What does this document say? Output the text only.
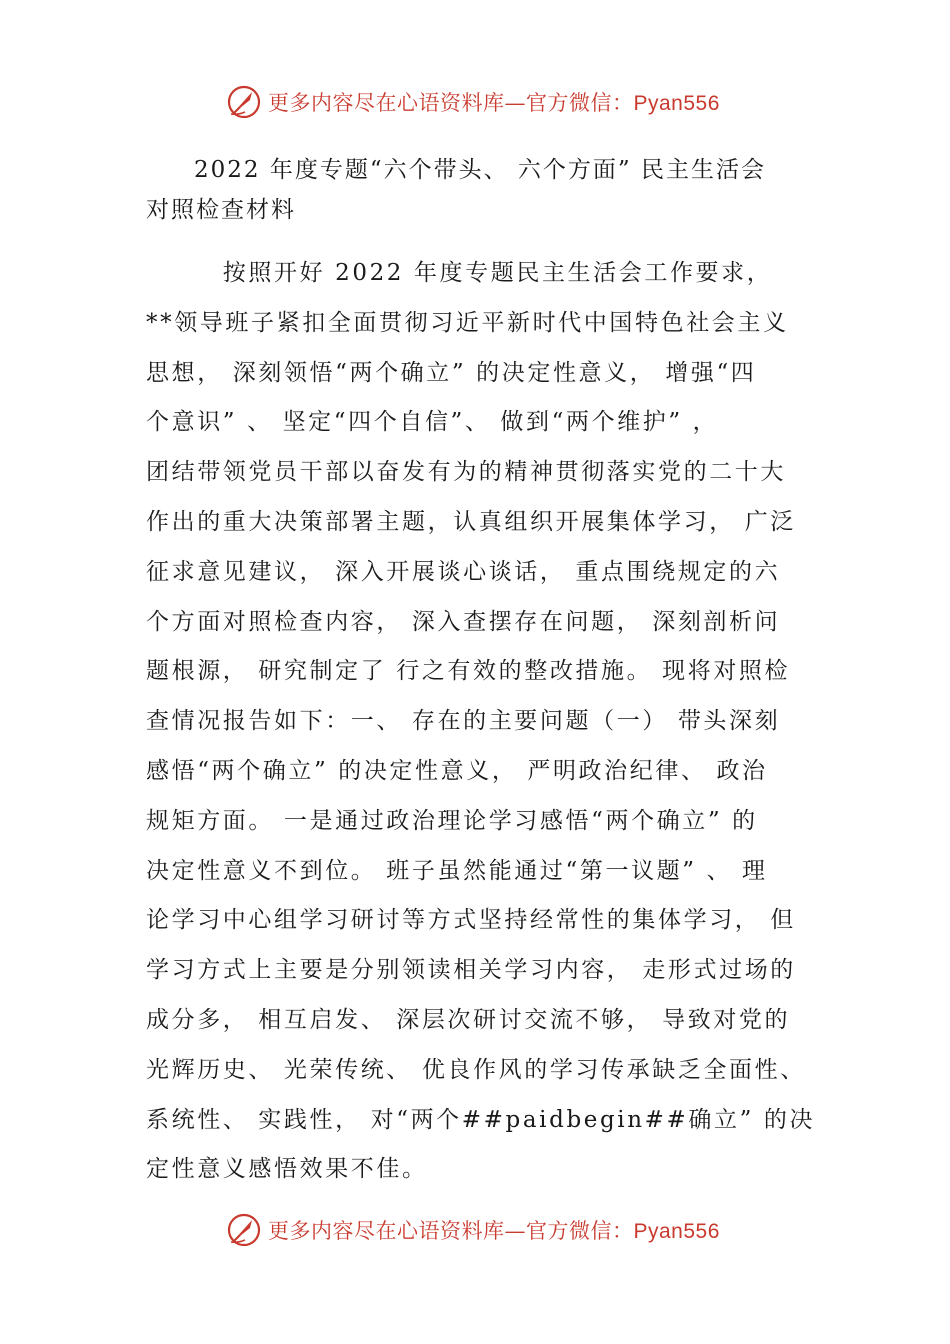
更多内容尽在心语资料库—官方微信：Pyan556
2022 年度专题“六个带头、 六个方面” 民主生活会
对照检查材料
　　　按照开好 2022 年度专题民主生活会工作要求，
**领导班子紧扣全面贯彻习近平新时代中国特色社会主义
思想， 深刻领悟“两个确立” 的决定性意义， 增强“四
个意识” 、 坚定“四个自信”、 做到“两个维护” ，
团结带领党员干部以奋发有为的精神贯彻落实党的二十大
作出的重大决策部署主题，认真组织开展集体学习， 广泛
征求意见建议， 深入开展谈心谈话， 重点围绕规定的六
个方面对照检查内容， 深入查摆存在问题， 深刻剖析问
题根源， 研究制定了 行之有效的整改措施。 现将对照检
查情况报告如下：一、 存在的主要问题（一） 带头深刻
感悟“两个确立” 的决定性意义， 严明政治纪律、 政治
规矩方面。 一是通过政治理论学习感悟“两个确立” 的
决定性意义不到位。 班子虽然能通过“第一议题” 、 理
论学习中心组学习研讨等方式坚持经常性的集体学习， 但
学习方式上主要是分别领读相关学习内容， 走形式过场的
成分多， 相互启发、 深层次研讨交流不够， 导致对党的
光辉历史、 光荣传统、 优良作风的学习传承缺乏全面性、
系统性、 实践性， 对“两个##paidbegin##确立” 的决
定性意义感悟效果不佳。
更多内容尽在心语资料库—官方微信：Pyan556
